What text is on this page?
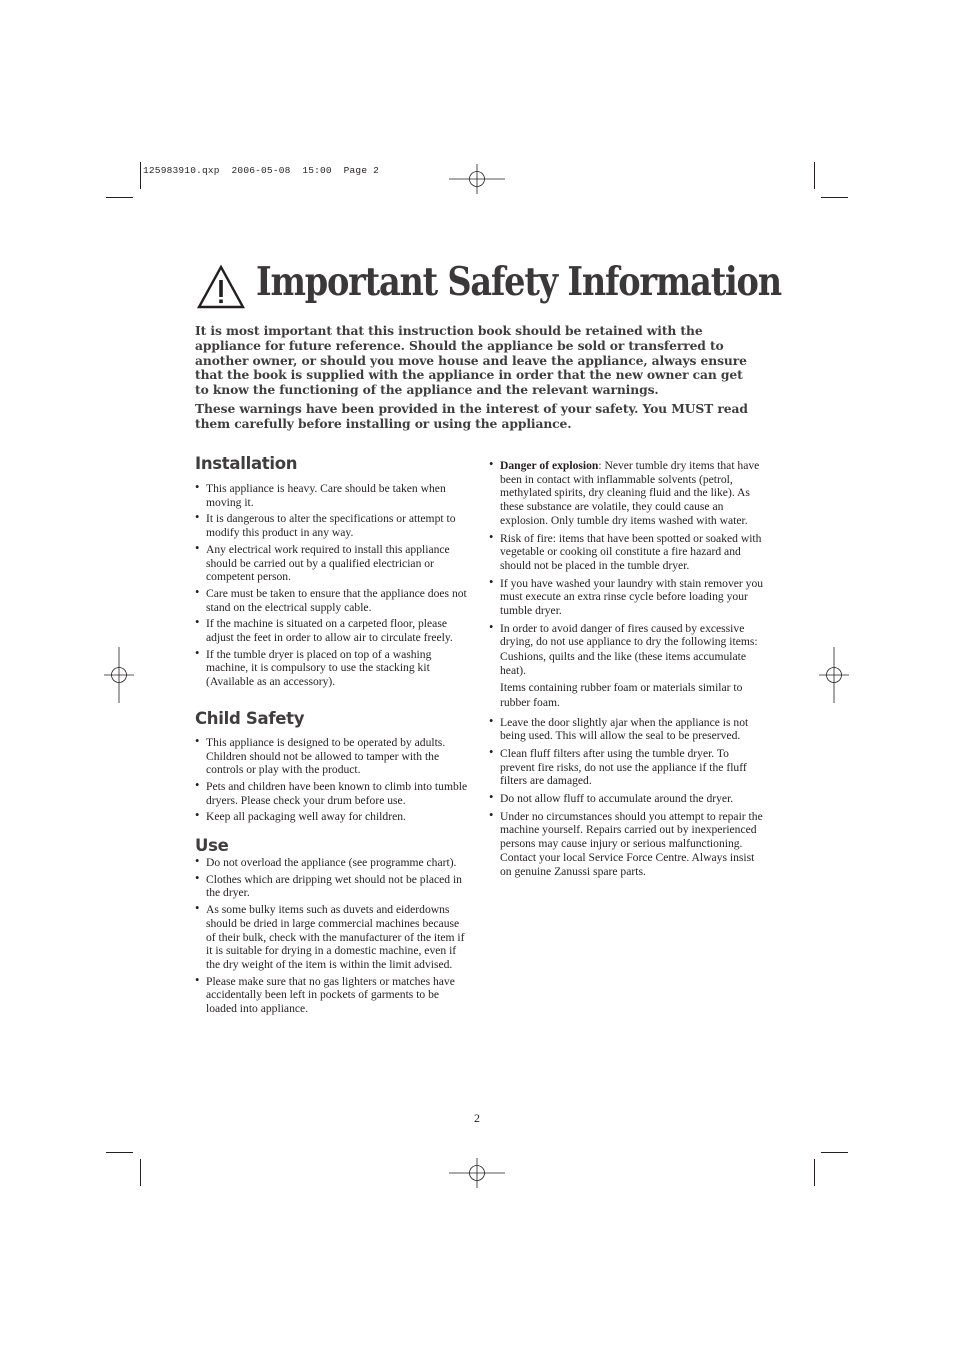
125983910.qxp  2006-05-08  15:00  Page 2
Important Safety Information

It is most important that this instruction book should be retained with the appliance for future reference. Should the appliance be sold or transferred to another owner, or should you move house and leave the appliance, always ensure that the book is supplied with the appliance in order that the new owner can get to know the functioning of the appliance and the relevant warnings.

These warnings have been provided in the interest of your safety. You MUST read them carefully before installing or using the appliance.

Installation
• This appliance is heavy. Care should be taken when moving it.
• It is dangerous to alter the specifications or attempt to modify this product in any way.
• Any electrical work required to install this appliance should be carried out by a qualified electrician or competent person.
• Care must be taken to ensure that the appliance does not stand on the electrical supply cable.
• If the machine is situated on a carpeted floor, please adjust the feet in order to allow air to circulate freely.
• If the tumble dryer is placed on top of a washing machine, it is compulsory to use the stacking kit (Available as an accessory).
Child Safety
• This appliance is designed to be operated by adults. Children should not be allowed to tamper with the controls or play with the product.
• Pets and children have been known to climb into tumble dryers. Please check your drum before use.
• Keep all packaging well away for children.
Use
• Do not overload the appliance (see programme chart).
• Clothes which are dripping wet should not be placed in the dryer.
• As some bulky items such as duvets and eiderdowns should be dried in large commercial machines because of their bulk, check with the manufacturer of the item if it is suitable for drying in a domestic machine, even if the dry weight of the item is within the limit advised.
• Please make sure that no gas lighters or matches have accidentally been left in pockets of garments to be loaded into appliance.
• Danger of explosion: Never tumble dry items that have been in contact with inflammable solvents (petrol, methylated spirits, dry cleaning fluid and the like). As these substance are volatile, they could cause an explosion. Only tumble dry items washed with water.
• Risk of fire: items that have been spotted or soaked with vegetable or cooking oil constitute a fire hazard and should not be placed in the tumble dryer.
• If you have washed your laundry with stain remover you must execute an extra rinse cycle before loading your tumble dryer.
• In order to avoid danger of fires caused by excessive drying, do not use appliance to dry the following items:
Cushions, quilts and the like (these items accumulate heat).
Items containing rubber foam or materials similar to rubber foam.
• Leave the door slightly ajar when the appliance is not being used. This will allow the seal to be preserved.
• Clean fluff filters after using the tumble dryer. To prevent fire risks, do not use the appliance if the fluff filters are damaged.
• Do not allow fluff to accumulate around the dryer.
• Under no circumstances should you attempt to repair the machine yourself. Repairs carried out by inexperienced persons may cause injury or serious malfunctioning. Contact your local Service Force Centre. Always insist on genuine Zanussi spare parts.
2
